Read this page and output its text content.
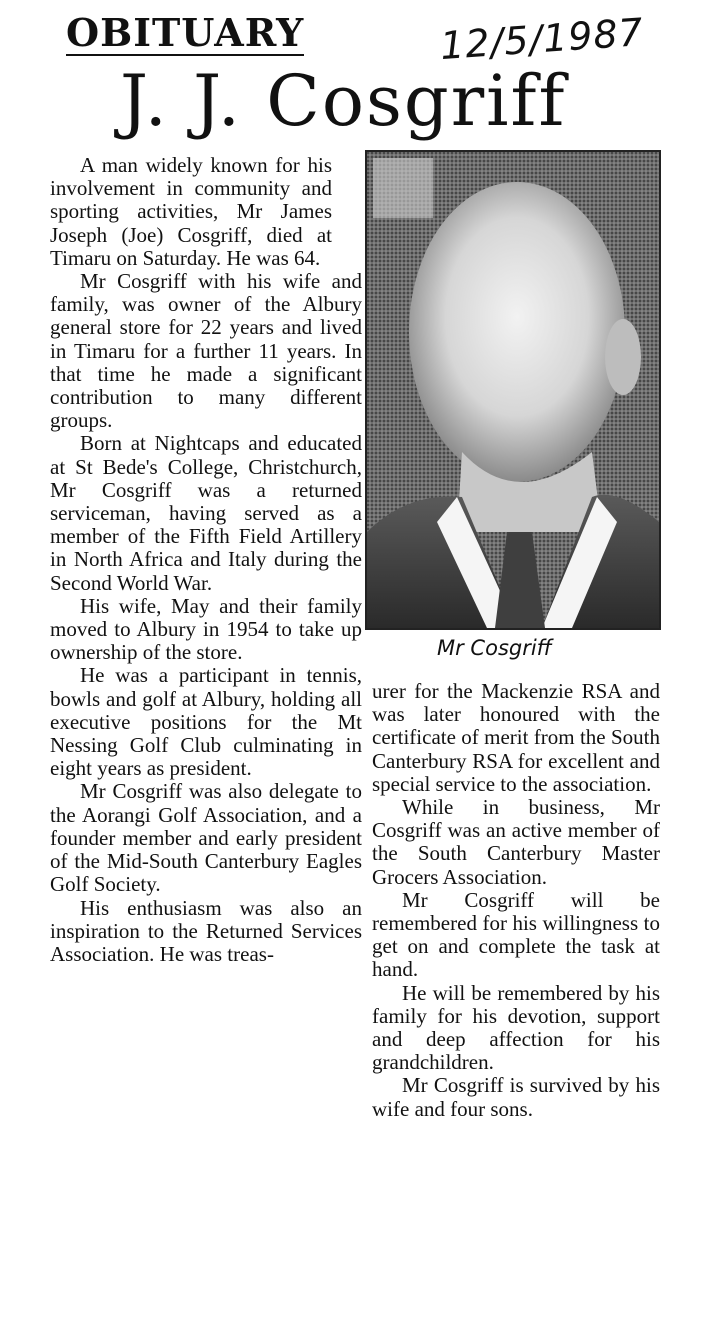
OBITUARY	12/5/1987
J. J. Cosgriff

A man widely known for his involvement in community and sporting activities, Mr James Joseph (Joe) Cosgriff, died at Timaru on Saturday. He was 64.

Mr Cosgriff with his wife and family, was owner of the Albury general store for 22 years and lived in Timaru for a further 11 years. In that time he made a significant contribution to many different groups.

Born at Nightcaps and educated at St Bede's College, Christchurch, Mr Cosgriff was a returned serviceman, having served as a member of the Fifth Field Artillery in North Africa and Italy during the Second World War.

His wife, May and their family moved to Albury in 1954 to take up ownership of the store.

He was a participant in tennis, bowls and golf at Albury, holding all executive positions for the Mt Nessing Golf Club culminating in eight years as president.

Mr Cosgriff was also delegate to the Aorangi Golf Association, and a founder member and early president of the Mid-South Canterbury Eagles Golf Society.

His enthusiasm was also an inspiration to the Returned Services Association. He was treas-

Mr Cosgriff

urer for the Mackenzie RSA and was later honoured with the certificate of merit from the South Canterbury RSA for excellent and special service to the association.

While in business, Mr Cosgriff was an active member of the South Canterbury Master Grocers Association.

Mr Cosgriff will be remembered for his willingness to get on and complete the task at hand.

He will be remembered by his family for his devotion, support and deep affection for his grandchildren.

Mr Cosgriff is survived by his wife and four sons.
